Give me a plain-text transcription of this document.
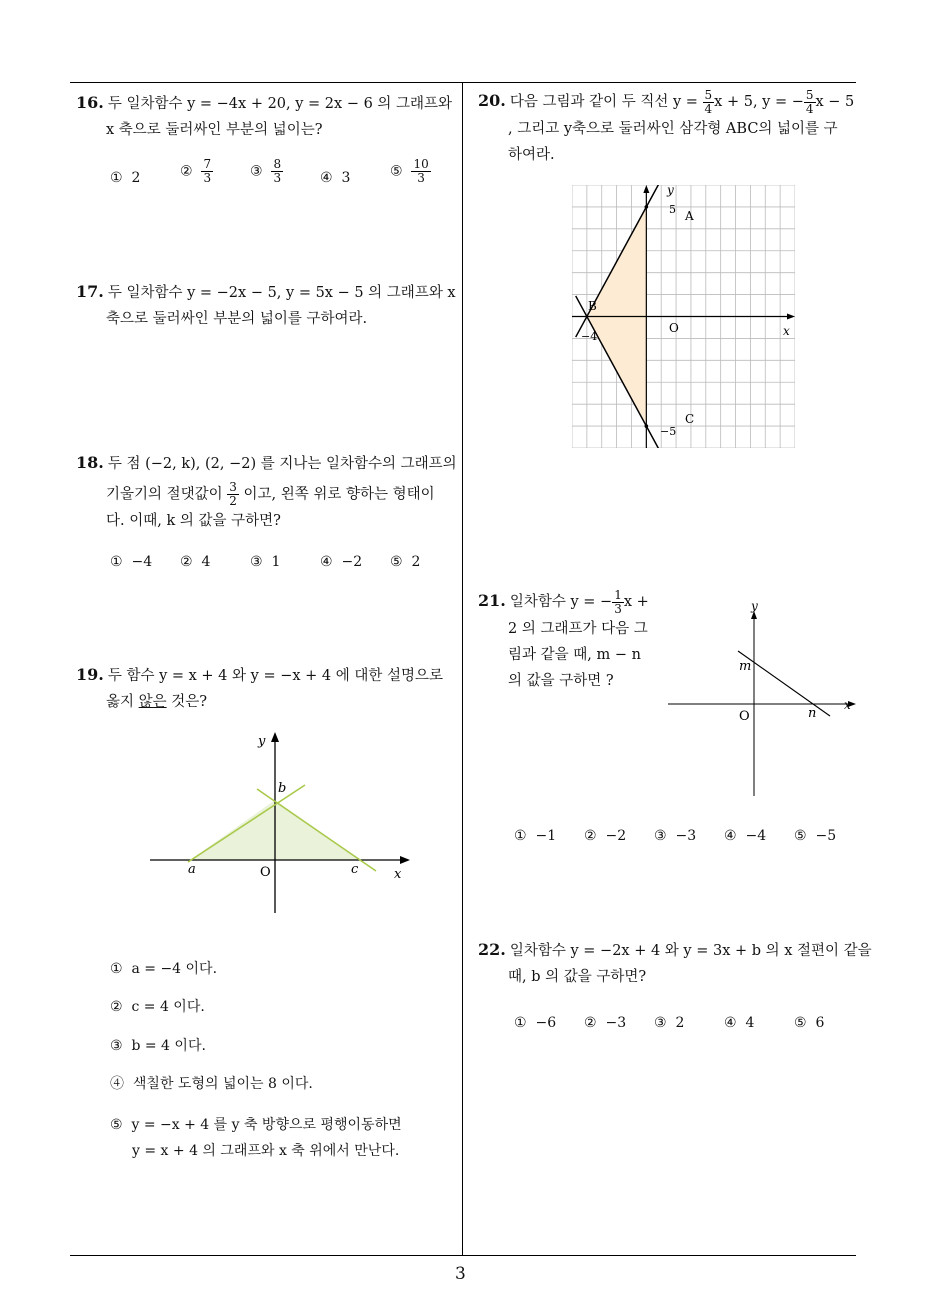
16. 두 일차함수 y = −4x + 20, y = 2x − 6 의 그래프와
x 축으로 둘러싸인 부분의 넓이는?
① 2	② $\frac{7}{3}$	③ $\frac{8}{3}$	④ 3	⑤ $\frac{10}{3}$
17. 두 일차함수 y = −2x − 5, y = 5x − 5 의 그래프와 x
축으로 둘러싸인 부분의 넓이를 구하여라.
18. 두 점 (−2, k), (2, −2) 를 지나는 일차함수의 그래프의
기울기의 절댓값이 $\frac{3}{2}$ 이고, 왼쪽 위로 향하는 형태이
다. 이때, k 의 값을 구하면?
① −4 ② 4	③ 1	④ −2 ⑤ 2
19. 두 함수 y = x + 4 와 y = −x + 4 에 대한 설명으로
옳지 않은 것은?
y
x
O
a
b
c
① a = −4 이다.
② c = 4 이다.
③ b = 4 이다.
④ 색칠한 도형의 넓이는 8 이다.
⑤ y = −x + 4 를 y 축 방향으로 평행이동하면
y = x + 4 의 그래프와 x 축 위에서 만난다.
20. 다음 그림과 같이 두 직선 $y = \frac{5}{4}$ x + 5, y = − $\frac{5}{4}$ x − 5
, 그리고 y축으로 둘러싸인 삼각형 ABC의 넓이를 구
하여라.
y
x
O
A
B
C
5
−5
−4
21. 일차함수 y = − $\frac{1}{3}$ x +
2 의 그래프가 다음 그
림과 같을 때, m − n
의 값을 구하면 ?
y
x
O
m
n
① −1 ② −2 ③ −3 ④ −4 ⑤ −5
22. 일차함수 y = −2x + 4 와 y = 3x + b 의 x 절편이 같을
때, b 의 값을 구하면?
① −6 ② −3 ③ 2	④ 4	⑤ 6
3
